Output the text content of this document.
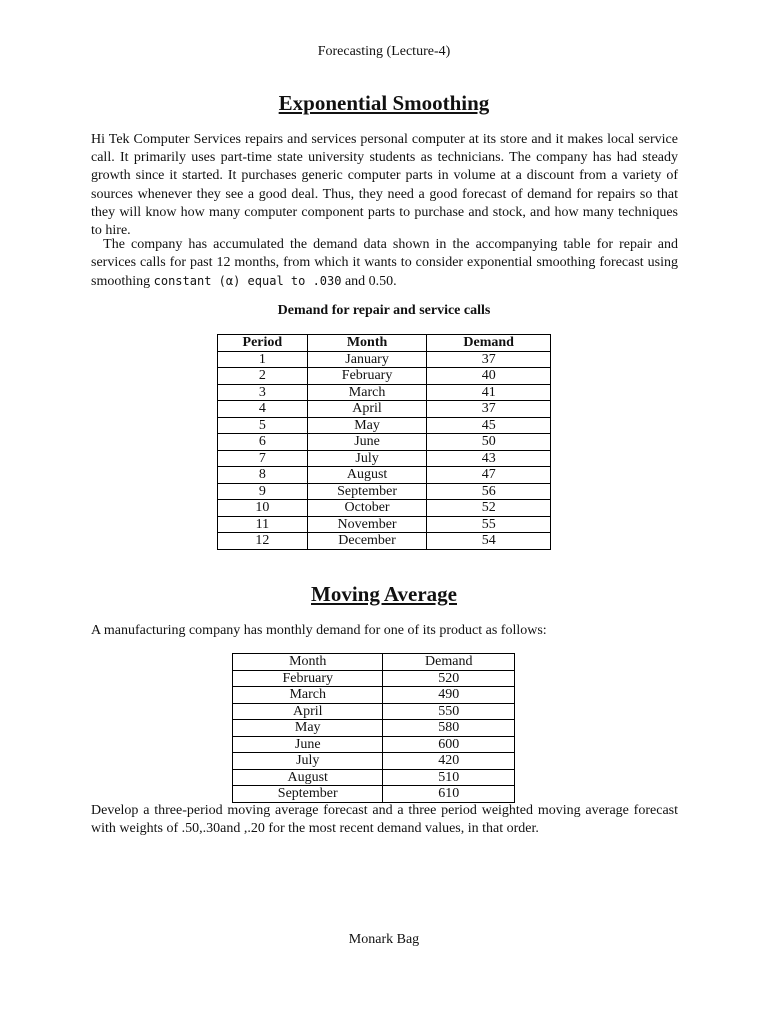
Forecasting (Lecture-4)
Exponential Smoothing
Hi Tek Computer Services repairs and services personal computer at its store and it makes local service call. It primarily uses part-time state university students as technicians. The company has had steady growth since it started. It purchases generic computer parts in volume at a discount from a variety of sources whenever they see a good deal. Thus, they need a good forecast of demand for repairs so that they will know how many computer component parts to purchase and stock, and how many techniques to hire.
The company has accumulated the demand data shown in the accompanying table for repair and services calls for past 12 months, from which it wants to consider exponential smoothing forecast using smoothing constant (α) equal to .030 and 0.50.
Demand for repair and service calls
Period	Month	Demand
1	January	37
2	February	40
3	March	41
4	April	37
5	May	45
6	June	50
7	July	43
8	August	47
9	September	56
10	October	52
11	November	55
12	December	54
Moving Average
A manufacturing company has monthly demand for one of its product as follows:
Month	Demand
February	520
March	490
April	550
May	580
June	600
July	420
August	510
September	610
Develop a three-period moving average forecast and a three period weighted moving average forecast with weights of .50,.30and ,.20 for the most recent demand values, in that order.
Monark Bag
